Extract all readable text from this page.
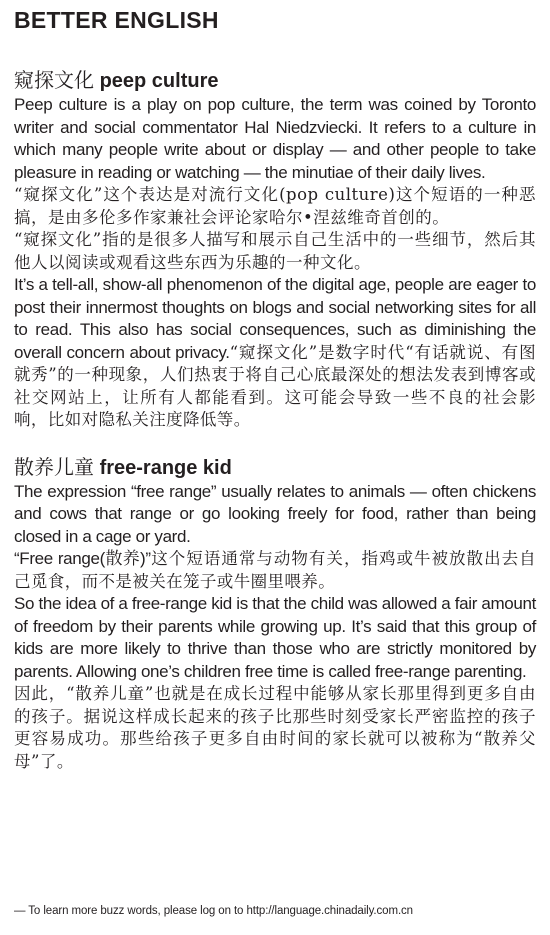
BETTER ENGLISH
窥探文化 peep culture

Peep culture is a play on pop culture, the term was coined by Toronto writer and social commentator Hal Niedzviecki. It refers to a culture in which many people write about or display — and other people to take pleasure in reading or watching — the minutiae of their daily lives.

“窥探文化”这个表达是对流行文化(pop culture)这个短语的一种恶搞，是由多伦多作家兼社会评论家哈尔•涅兹维奇首创的。

“窥探文化”指的是很多人描写和展示自己生活中的一些细节，然后其他人以阅读或观看这些东西为乐趣的一种文化。

It’s a tell-all, show-all phenomenon of the digital age, people are eager to post their innermost thoughts on blogs and social networking sites for all to read. This also has social consequences, such as diminishing the overall concern about privacy.“窥探文化”是数字时代“有话就说、有图就秀”的一种现象，人们热衷于将自己心底最深处的想法发表到博客或社交网站上，让所有人都能看到。这可能会导致一些不良的社会影响，比如对隐私关注度降低等。

散养儿童 free-range kid

The expression “free range” usually relates to animals — often chickens and cows that range or go looking freely for food, rather than being closed in a cage or yard.

“Free range(散养)”这个短语通常与动物有关，指鸡或牛被放散出去自己觅食，而不是被关在笼子或牛圈里喂养。

So the idea of a free-range kid is that the child was allowed a fair amount of freedom by their parents while growing up. It’s said that this group of kids are more likely to thrive than those who are strictly monitored by parents. Allowing one’s children free time is called free-range parenting.

因此，“散养儿童”也就是在成长过程中能够从家长那里得到更多自由的孩子。据说这样成长起来的孩子比那些时刻受家长严密监控的孩子更容易成功。那些给孩子更多自由时间的家长就可以被称为“散养父母”了。

— To learn more buzz words, please log on to http://language.chinadaily.com.cn
